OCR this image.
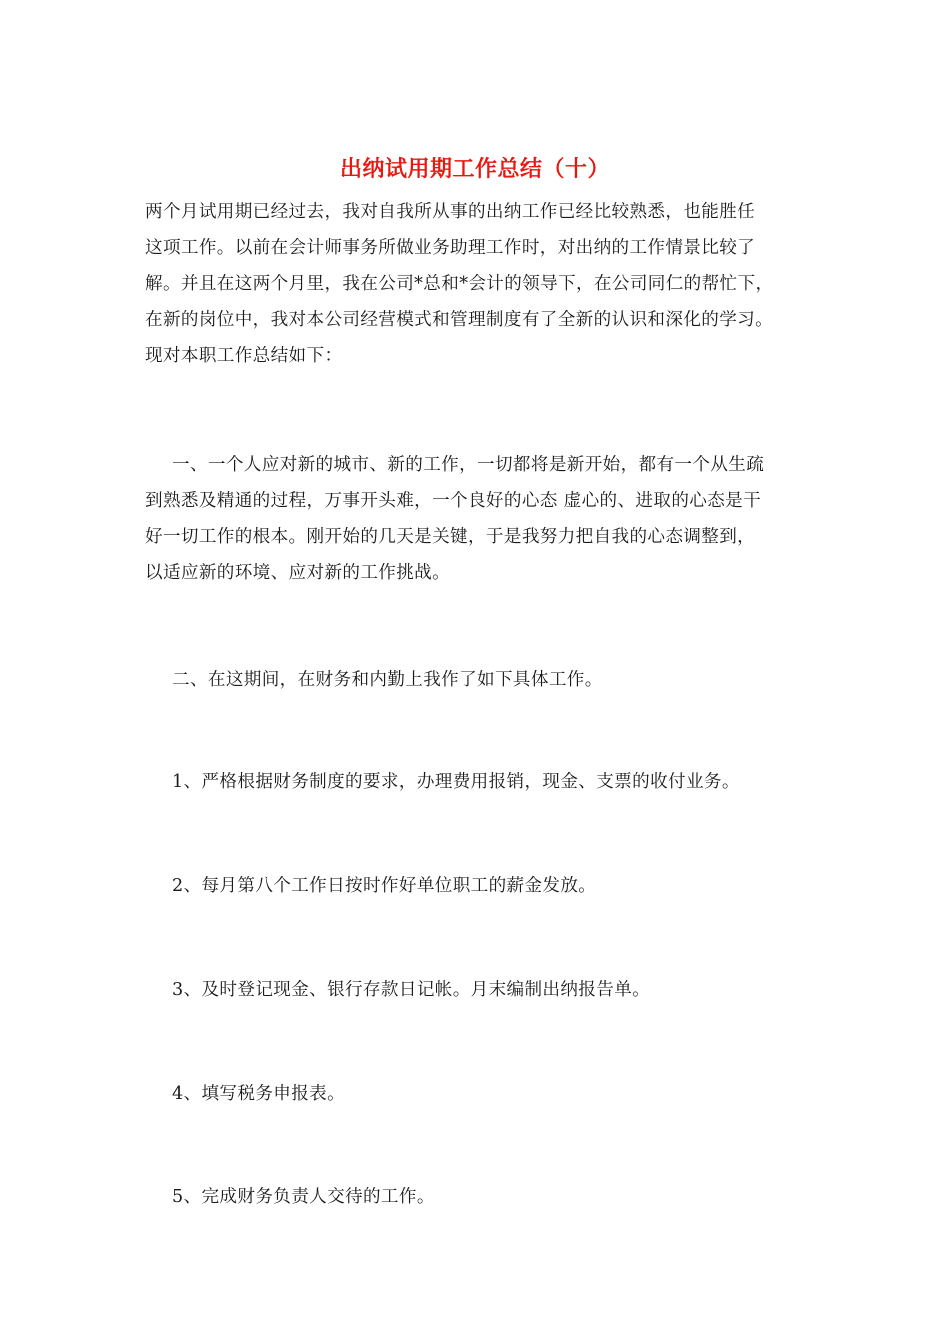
出纳试用期工作总结（十）
两个月试用期已经过去，我对自我所从事的出纳工作已经比较熟悉，也能胜任
这项工作。以前在会计师事务所做业务助理工作时，对出纳的工作情景比较了
解。并且在这两个月里，我在公司*总和*会计的领导下，在公司同仁的帮忙下，
在新的岗位中，我对本公司经营模式和管理制度有了全新的认识和深化的学习。
现对本职工作总结如下：
一、一个人应对新的城市、新的工作，一切都将是新开始，都有一个从生疏
到熟悉及精通的过程，万事开头难，一个良好的心态 虚心的、进取的心态是干
好一切工作的根本。刚开始的几天是关键，于是我努力把自我的心态调整到，
以适应新的环境、应对新的工作挑战。
二、在这期间，在财务和内勤上我作了如下具体工作。
1、严格根据财务制度的要求，办理费用报销，现金、支票的收付业务。
2、每月第八个工作日按时作好单位职工的薪金发放。
3、及时登记现金、银行存款日记帐。月末编制出纳报告单。
4、填写税务申报表。
5、完成财务负责人交待的工作。
